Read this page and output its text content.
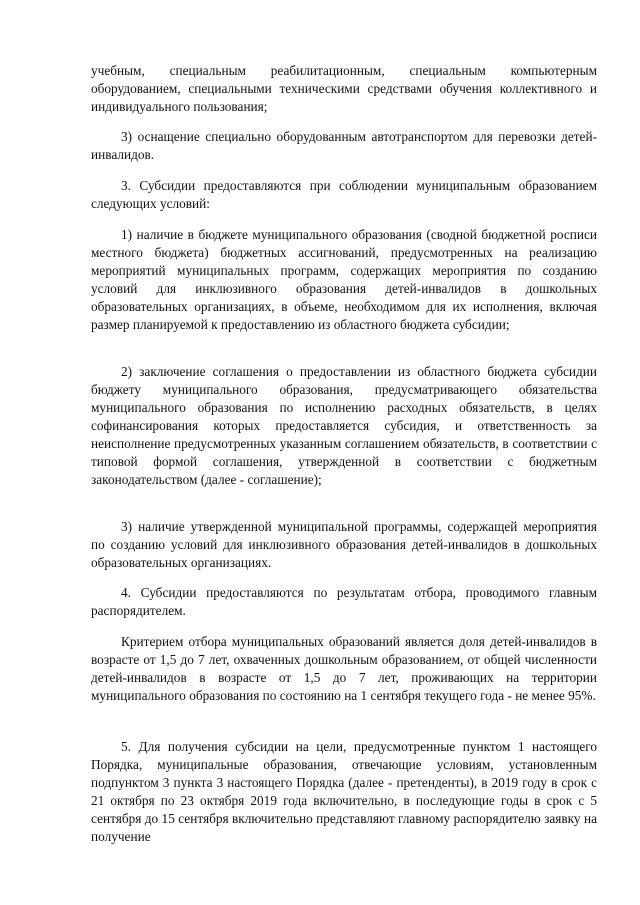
учебным, специальным реабилитационным, специальным компьютерным оборудованием, специальными техническими средствами обучения коллективного и индивидуального пользования;

3) оснащение специально оборудованным автотранспортом для перевозки детей-инвалидов.

3. Субсидии предоставляются при соблюдении муниципальным образованием следующих условий:

1) наличие в бюджете муниципального образования (сводной бюджетной росписи местного бюджета) бюджетных ассигнований, предусмотренных на реализацию мероприятий муниципальных программ, содержащих мероприятия по созданию условий для инклюзивного образования детей-инвалидов в дошкольных образовательных организациях, в объеме, необходимом для их исполнения, включая размер планируемой к предоставлению из областного бюджета субсидии;

2) заключение соглашения о предоставлении из областного бюджета субсидии бюджету муниципального образования, предусматривающего обязательства муниципального образования по исполнению расходных обязательств, в целях софинансирования которых предоставляется субсидия, и ответственность за неисполнение предусмотренных указанным соглашением обязательств, в соответствии с типовой формой соглашения, утвержденной в соответствии с бюджетным законодательством (далее - соглашение);

3) наличие утвержденной муниципальной программы, содержащей мероприятия по созданию условий для инклюзивного образования детей-инвалидов в дошкольных образовательных организациях.

4. Субсидии предоставляются по результатам отбора, проводимого главным распорядителем.

Критерием отбора муниципальных образований является доля детей-инвалидов в возрасте от 1,5 до 7 лет, охваченных дошкольным образованием, от общей численности детей-инвалидов в возрасте от 1,5 до 7 лет, проживающих на территории муниципального образования по состоянию на 1 сентября текущего года - не менее 95%.

5. Для получения субсидии на цели, предусмотренные пунктом 1 настоящего Порядка, муниципальные образования, отвечающие условиям, установленным подпунктом 3 пункта 3 настоящего Порядка (далее - претенденты), в 2019 году в срок с 21 октября по 23 октября 2019 года включительно, в последующие годы в срок с 5 сентября до 15 сентября включительно представляют главному распорядителю заявку на получение
